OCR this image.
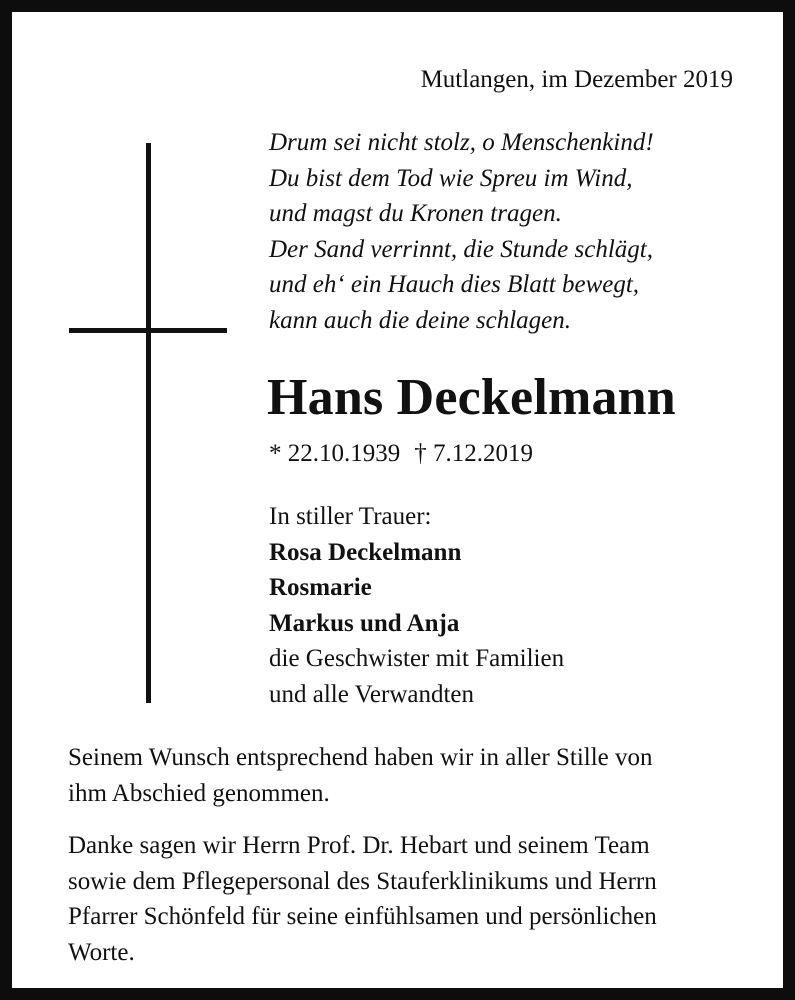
Mutlangen, im Dezember 2019
Drum sei nicht stolz, o Menschenkind!
Du bist dem Tod wie Spreu im Wind,
und magst du Kronen tragen.
Der Sand verrinnt, die Stunde schlägt,
und eh‘ ein Hauch dies Blatt bewegt,
kann auch die deine schlagen.
Hans Deckelmann
* 22.10.1939 † 7.12.2019
In stiller Trauer:
Rosa Deckelmann
Rosmarie
Markus und Anja
die Geschwister mit Familien
und alle Verwandten
Seinem Wunsch entsprechend haben wir in aller Stille von
ihm Abschied genommen.
Danke sagen wir Herrn Prof. Dr. Hebart und seinem Team
sowie dem Pflegepersonal des Stauferklinikums und Herrn
Pfarrer Schönfeld für seine einfühlsamen und persönlichen
Worte.
